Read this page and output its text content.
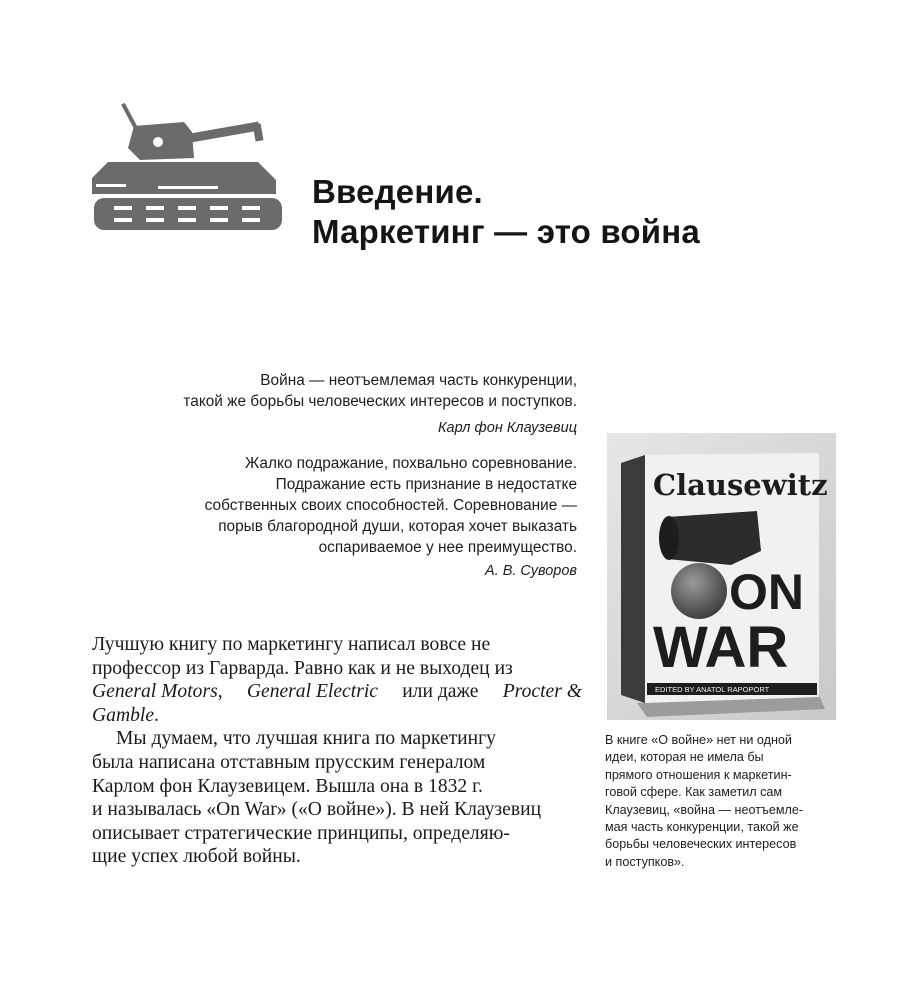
Введение.
Маркетинг — это война
Война — неотъемлемая часть конкуренции,
такой же борьбы человеческих интересов и поступков.
Карл фон Клаузевиц
Жалко подражание, похвально соревнование.
Подражание есть признание в недостатке
собственных своих способностей. Соревнование —
порыв благородной души, которая хочет выказать
оспариваемое у нее преимущество.
А. В. Суворов
Clausewitz
ON
WAR
EDITED BY ANATOL RAPOPORT
В книге «О войне» нет ни одной
идеи, которая не имела бы
прямого отношения к маркетин-
говой сфере. Как заметил сам
Клаузевиц, «война — неотъемле-
мая часть конкуренции, такой же
борьбы человеческих интересов
и поступков».
Лучшую книгу по маркетингу написал вовсе не
профессор из Гарварда. Равно как и не выходец из
General Motors, General Electric или даже Procter &
Gamble.
Мы думаем, что лучшая книга по маркетингу
была написана отставным прусским генералом
Карлом фон Клаузевицем. Вышла она в 1832 г.
и называлась «On War» («О войне»). В ней Клаузевиц
описывает стратегические принципы, определяю-
щие успех любой войны.
